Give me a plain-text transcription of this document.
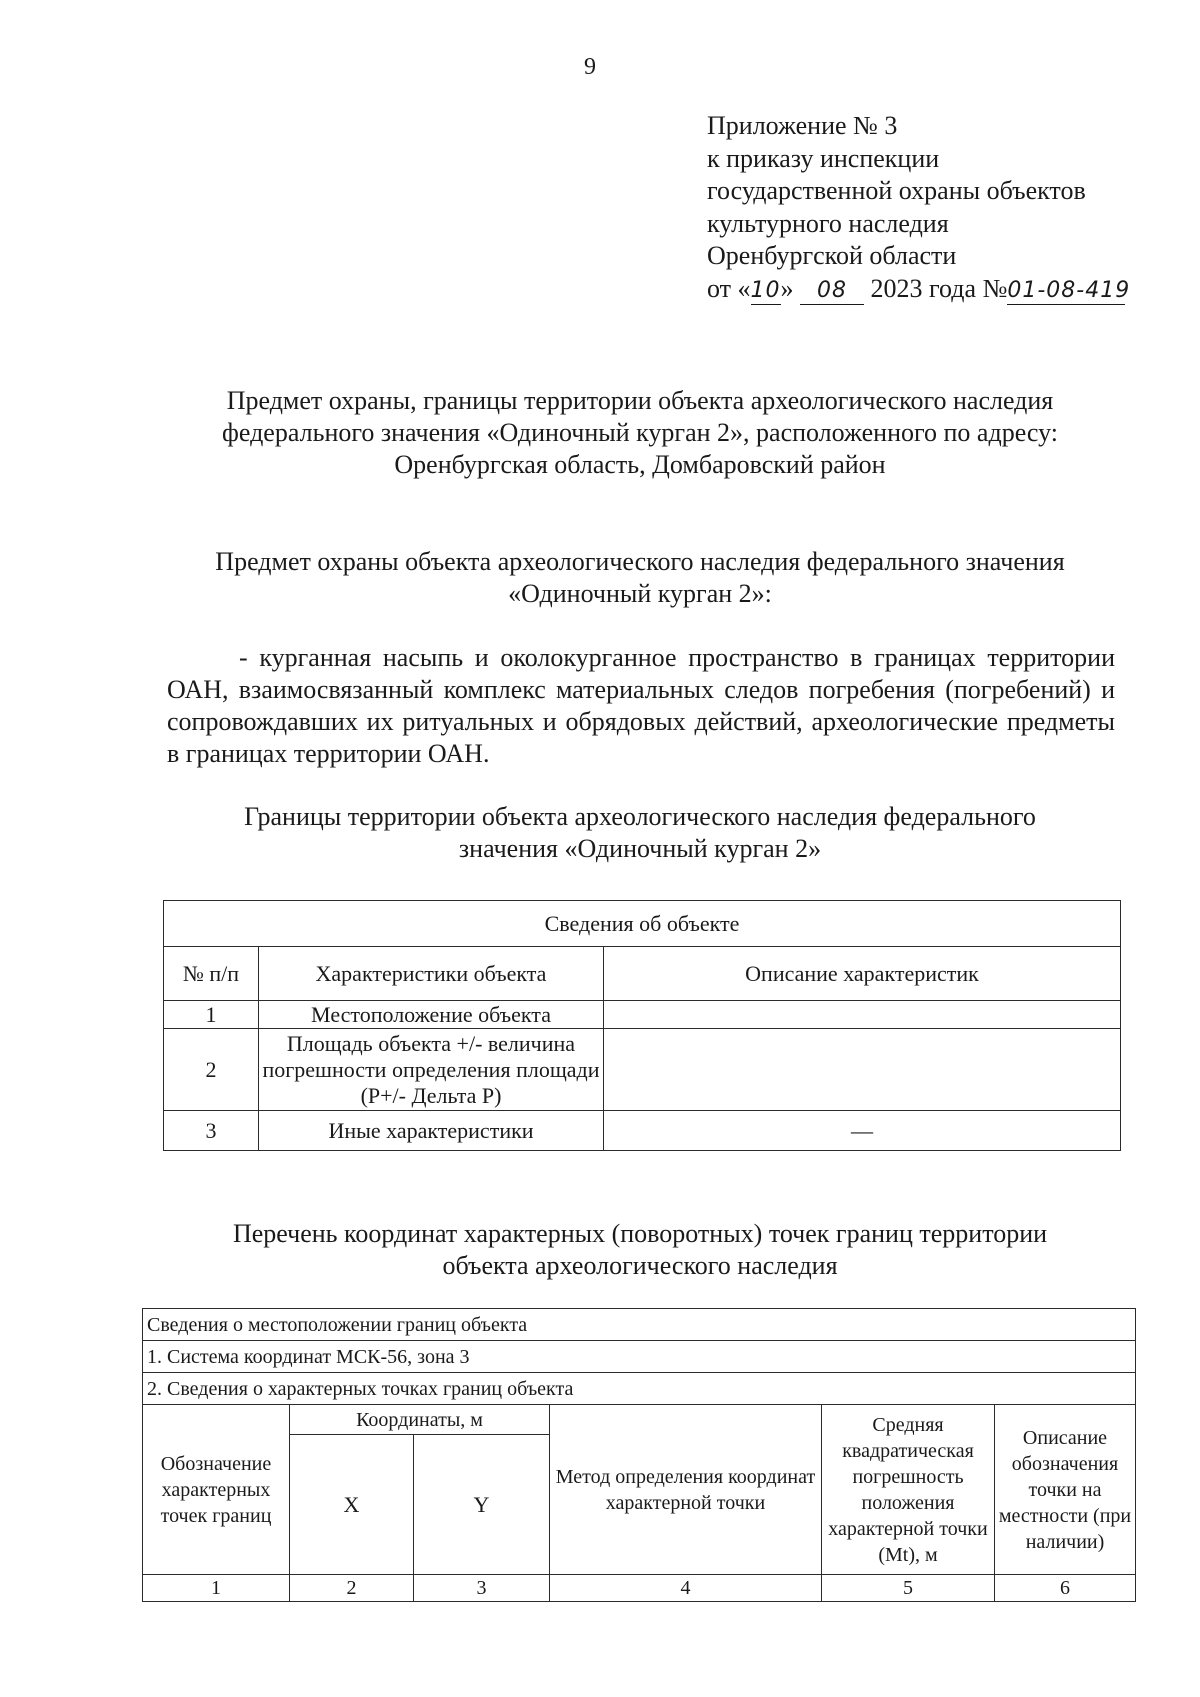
9
Приложение № 3
к приказу инспекции
государственной охраны объектов
культурного наследия
Оренбургской области
от «10» 08 2023 года №01-08-419
Предмет охраны, границы территории объекта археологического наследия
федерального значения «Одиночный курган 2», расположенного по адресу:
Оренбургская область, Домбаровский район
Предмет охраны объекта археологического наследия федерального значения
«Одиночный курган 2»:
- курганная насыпь и околокурганное пространство в границах территории ОАН, взаимосвязанный комплекс материальных следов погребения (погребений) и сопровождавших их ритуальных и обрядовых действий, археологические предметы в границах территории ОАН.
Границы территории объекта археологического наследия федерального
значения «Одиночный курган 2»
Сведения об объекте		
№ п/п	Характеристики объекта	Описание характеристик
1	Местоположение объекта	
2	Площадь объекта +/- величина погрешности определения площади (Р+/- Дельта Р)	
3	Иные характеристики	—
Перечень координат характерных (поворотных) точек границ территории
объекта археологического наследия
Сведения о местоположении границ объекта					
1. Система координат МСК-56, зона 3					
2. Сведения о характерных точках границ объекта					
Обозначение характерных точек границ	Координаты, м		Метод определения координат характерной точки	Средняя квадратическая погрешность положения характерной точки (Mt), м	Описание обозначения точки на местности (при наличии)
	X	Y			
1	2	3	4	5	6
